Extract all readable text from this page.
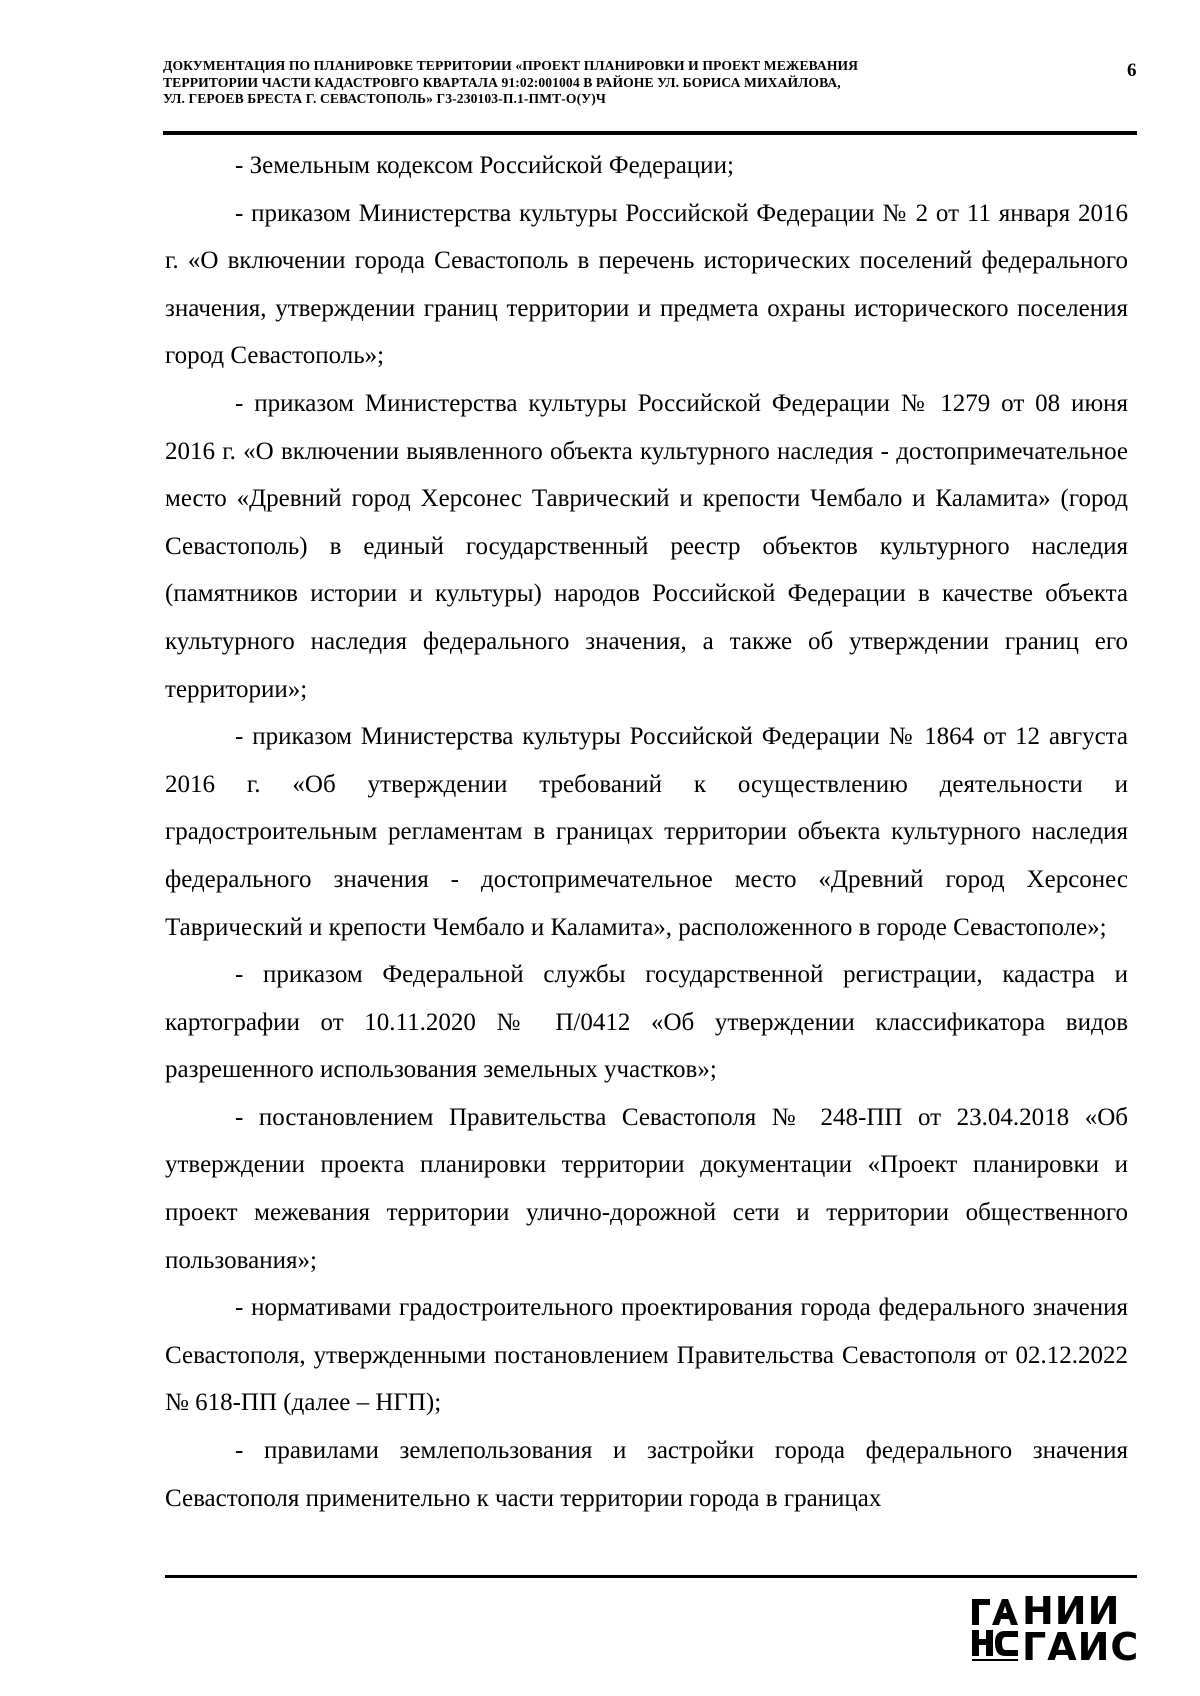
ДОКУМЕНТАЦИЯ ПО ПЛАНИРОВКЕ ТЕРРИТОРИИ «ПРОЕКТ ПЛАНИРОВКИ И ПРОЕКТ МЕЖЕВАНИЯ
ТЕРРИТОРИИ ЧАСТИ КАДАСТРОВГО КВАРТАЛА 91:02:001004 В РАЙОНЕ УЛ. БОРИСА МИХАЙЛОВА,
УЛ. ГЕРОЕВ БРЕСТА Г. СЕВАСТОПОЛЬ» Г3-230103-П.1-ПМТ-О(У)Ч
6

- Земельным кодексом Российской Федерации;

- приказом Министерства культуры Российской Федерации № 2 от 11 января 2016 г. «О включении города Севастополь в перечень исторических поселений федерального значения, утверждении границ территории и предмета охраны исторического поселения город Севастополь»;

- приказом Министерства культуры Российской Федерации № 1279 от 08 июня 2016 г. «О включении выявленного объекта культурного наследия - достопримечательное место «Древний город Херсонес Таврический и крепости Чембало и Каламита» (город Севастополь) в единый государственный реестр объектов культурного наследия (памятников истории и культуры) народов Российской Федерации в качестве объекта культурного наследия федерального значения, а также об утверждении границ его территории»;

- приказом Министерства культуры Российской Федерации № 1864 от 12 августа 2016 г. «Об утверждении требований к осуществлению деятельности и градостроительным регламентам в границах территории объекта культурного наследия федерального значения - достопримечательное место «Древний город Херсонес Таврический и крепости Чембало и Каламита», расположенного в городе Севастополе»;

- приказом Федеральной службы государственной регистрации, кадастра и картографии от 10.11.2020 № П/0412 «Об утверждении классификатора видов разрешенного использования земельных участков»;

- постановлением Правительства Севастополя № 248-ПП от 23.04.2018 «Об утверждении проекта планировки территории документации «Проект планировки и проект межевания территории улично-дорожной сети и территории общественного пользования»;

- нормативами градостроительного проектирования города федерального значения Севастополя, утвержденными постановлением Правительства Севастополя от 02.12.2022 № 618-ПП (далее – НГП);

- правилами землепользования и застройки города федерального значения Севастополя применительно к части территории города в границах

НИИ
ГАИС
